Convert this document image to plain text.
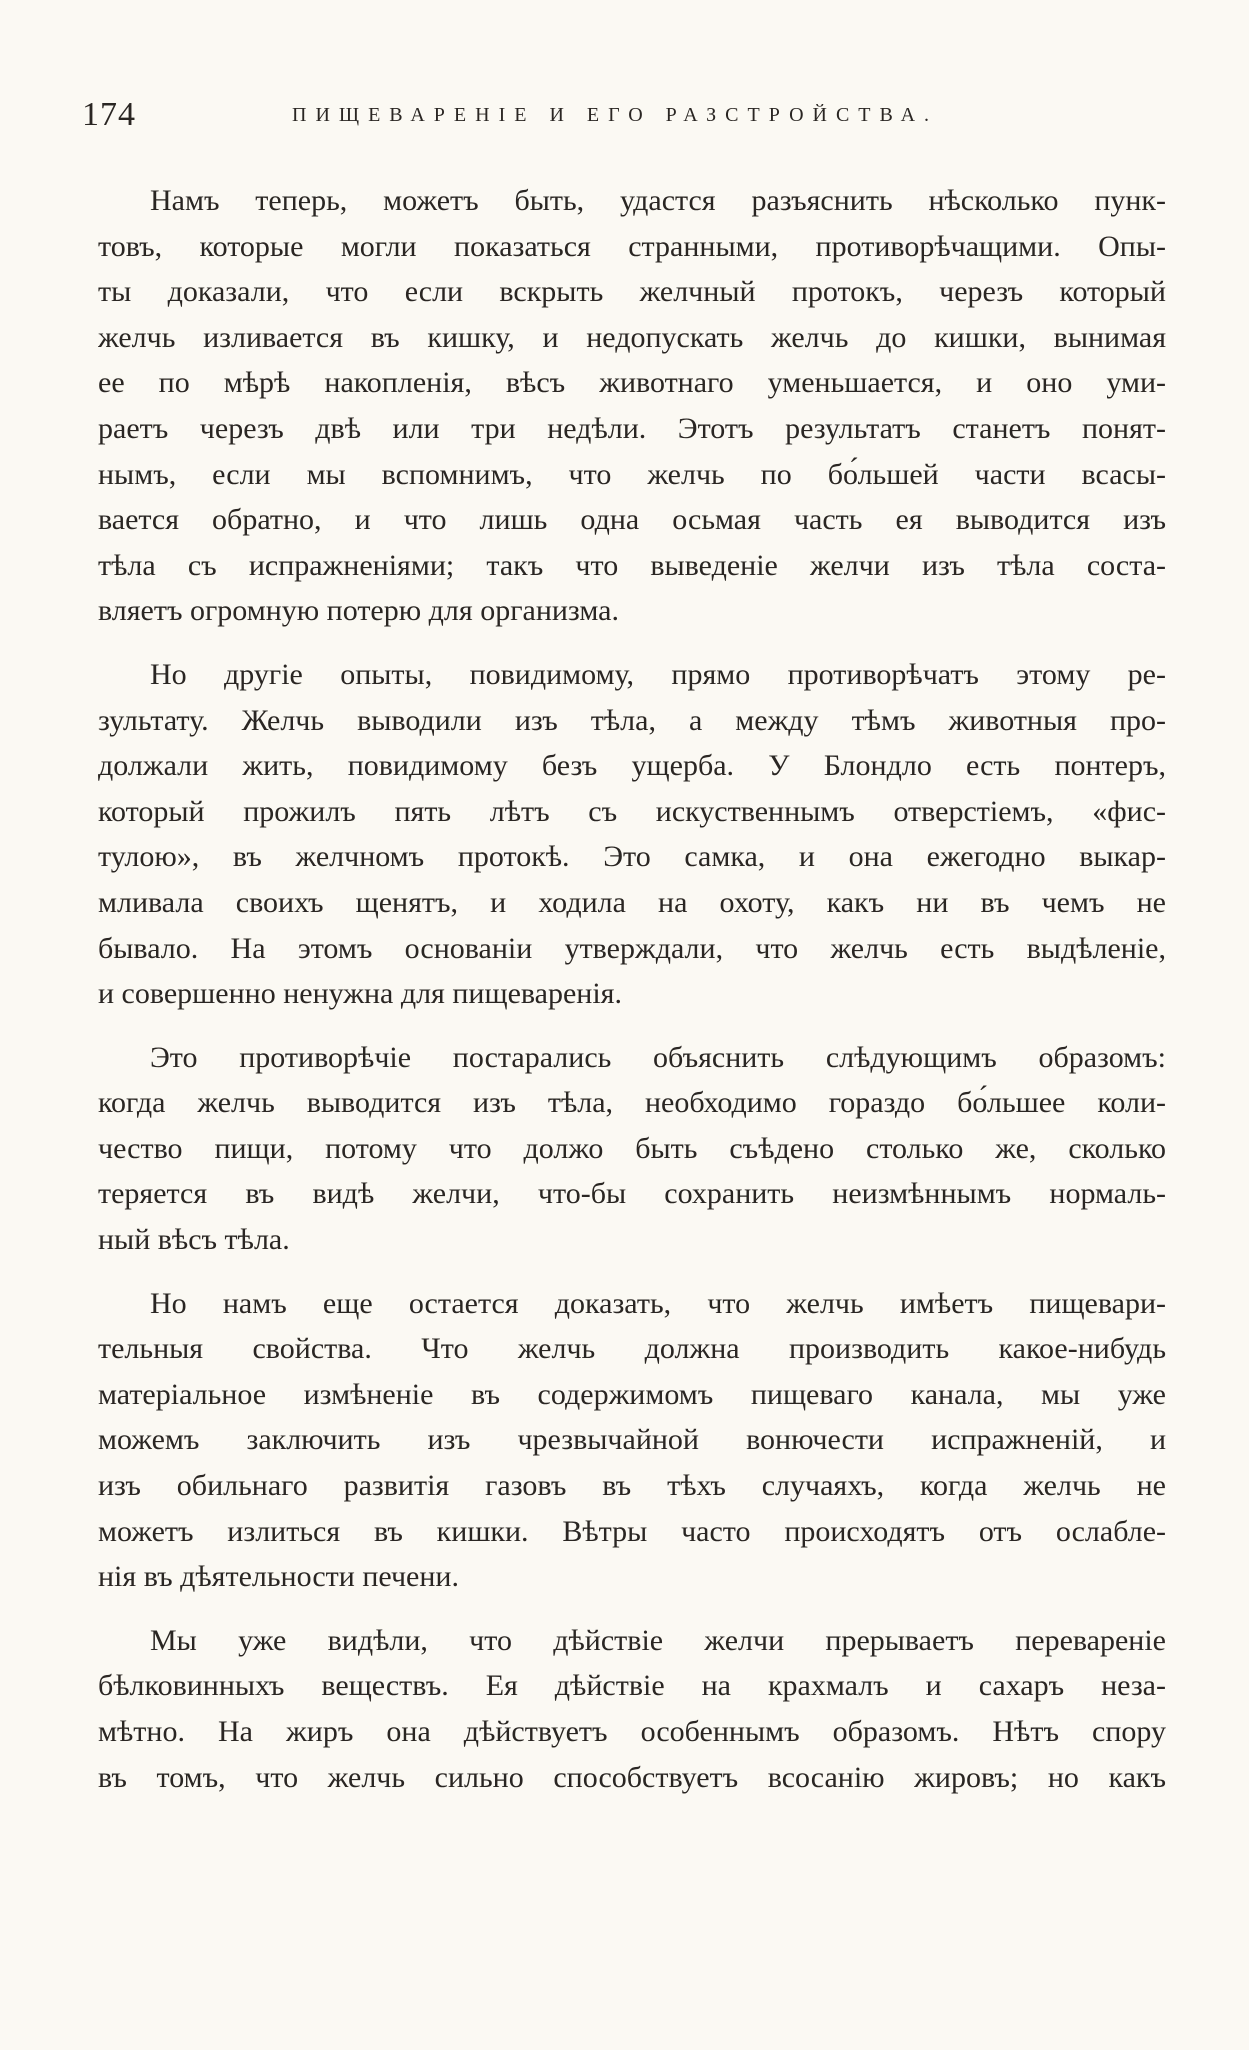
174	ПИЩЕВАРЕНІЕ И ЕГО РАЗСТРОЙСТВА.

Намъ теперь, можетъ быть, удастся разъяснить нѣсколько пунк-
товъ, которые могли показаться странными, противорѣчащими. Опы-
ты доказали, что если вскрыть желчный протокъ, черезъ который
желчь изливается въ кишку, и недопускать желчь до кишки, вынимая
ее по мѣрѣ накопленія, вѣсъ животнаго уменьшается, и оно уми-
раетъ черезъ двѣ или три недѣли. Этотъ результатъ станетъ понят-
нымъ, если мы вспомнимъ, что желчь по бо́льшей части всасы-
вается обратно, и что лишь одна осьмая часть ея выводится изъ
тѣла съ испражненіями; такъ что выведеніе желчи изъ тѣла соста-
вляетъ огромную потерю для организма.

Но другіе опыты, повидимому, прямо противорѣчатъ этому ре-
зультату. Желчь выводили изъ тѣла, а между тѣмъ животныя про-
должали жить, повидимому безъ ущерба. У Блондло есть понтеръ,
который прожилъ пять лѣтъ съ искуственнымъ отверстіемъ, «фис-
тулою», въ желчномъ протокѣ. Это самка, и она ежегодно выкар-
мливала своихъ щенятъ, и ходила на охоту, какъ ни въ чемъ не
бывало. На этомъ основаніи утверждали, что желчь есть выдѣленіе,
и совершенно ненужна для пищеваренія.

Это противорѣчіе постарались объяснить слѣдующимъ образомъ:
когда желчь выводится изъ тѣла, необходимо гораздо бо́льшее коли-
чество пищи, потому что должо быть съѣдено столько же, сколько
теряется въ видѣ желчи, что-бы сохранить неизмѣннымъ нормаль-
ный вѣсъ тѣла.

Но намъ еще остается доказать, что желчь имѣетъ пищевари-
тельныя свойства. Что желчь должна производить какое-нибудь
матеріальное измѣненіе въ содержимомъ пищеваго канала, мы уже
можемъ заключить изъ чрезвычайной вонючести испражненій, и
изъ обильнаго развитія газовъ въ тѣхъ случаяхъ, когда желчь не
можетъ излиться въ кишки. Вѣтры часто происходятъ отъ ослабле-
нія въ дѣятельности печени.

Мы уже видѣли, что дѣйствіе желчи прерываетъ переваренiе
бѣлковинныхъ веществъ. Ея дѣйствіе на крахмалъ и сахаръ неза-
мѣтно. На жиръ она дѣйствуетъ особеннымъ образомъ. Нѣтъ спору
въ томъ, что желчь сильно способствуетъ всосанію жировъ; но какъ
